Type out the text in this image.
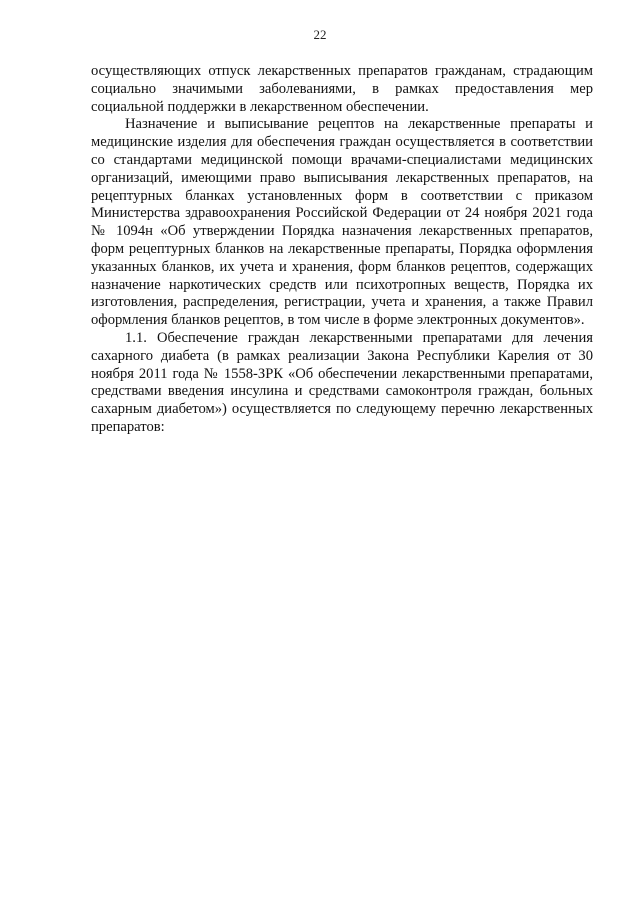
22

осуществляющих отпуск лекарственных препаратов гражданам, страдающим социально значимыми заболеваниями, в рамках предоставления мер социальной поддержки в лекарственном обеспечении.

Назначение и выписывание рецептов на лекарственные препараты и медицинские изделия для обеспечения граждан осуществляется в соответствии со стандартами медицинской помощи врачами-специалистами медицинских организаций, имеющими право выписывания лекарственных препаратов, на рецептурных бланках установленных форм в соответствии с приказом Министерства здравоохранения Российской Федерации от 24 ноября 2021 года № 1094н «Об утверждении Порядка назначения лекарственных препаратов, форм рецептурных бланков на лекарственные препараты, Порядка оформления указанных бланков, их учета и хранения, форм бланков рецептов, содержащих назначение наркотических средств или психотропных веществ, Порядка их изготовления, распределения, регистрации, учета и хранения, а также Правил оформления бланков рецептов, в том числе в форме электронных документов».

1.1. Обеспечение граждан лекарственными препаратами для лечения сахарного диабета (в рамках реализации Закона Республики Карелия от 30 ноября 2011 года № 1558-ЗРК «Об обеспечении лекарственными препаратами, средствами введения инсулина и средствами самоконтроля граждан, больных сахарным диабетом») осуществляется по следующему перечню лекарственных препаратов:
